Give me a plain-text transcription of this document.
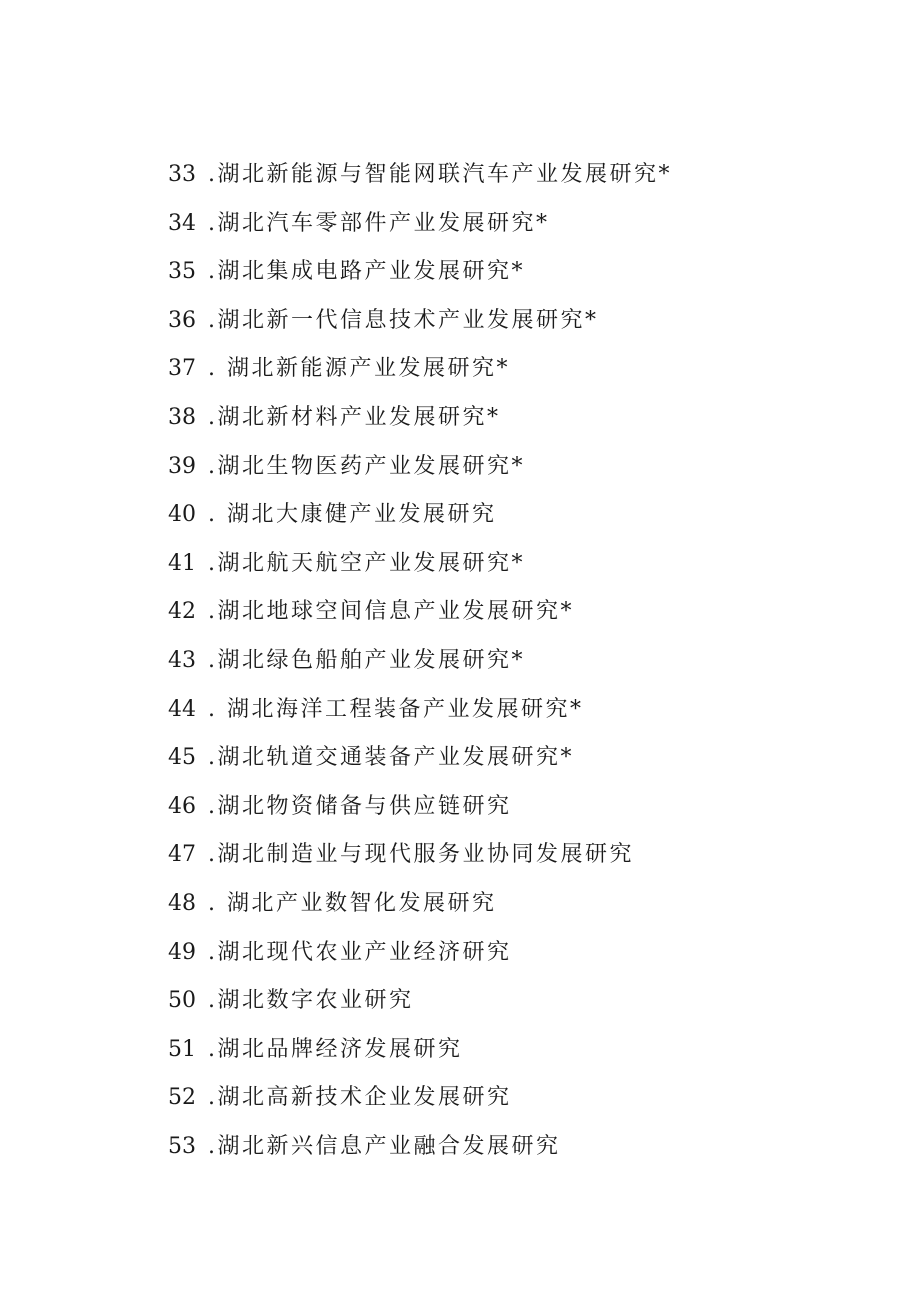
33 .湖北新能源与智能网联汽车产业发展研究*
34 .湖北汽车零部件产业发展研究*
35 .湖北集成电路产业发展研究*
36 .湖北新一代信息技术产业发展研究*
37 . 湖北新能源产业发展研究*
38 .湖北新材料产业发展研究*
39 .湖北生物医药产业发展研究*
40 . 湖北大康健产业发展研究
41 .湖北航天航空产业发展研究*
42 .湖北地球空间信息产业发展研究*
43 .湖北绿色船舶产业发展研究*
44 . 湖北海洋工程装备产业发展研究*
45 .湖北轨道交通装备产业发展研究*
46 .湖北物资储备与供应链研究
47 .湖北制造业与现代服务业协同发展研究
48 . 湖北产业数智化发展研究
49 .湖北现代农业产业经济研究
50 .湖北数字农业研究
51 .湖北品牌经济发展研究
52 .湖北高新技术企业发展研究
53 .湖北新兴信息产业融合发展研究
